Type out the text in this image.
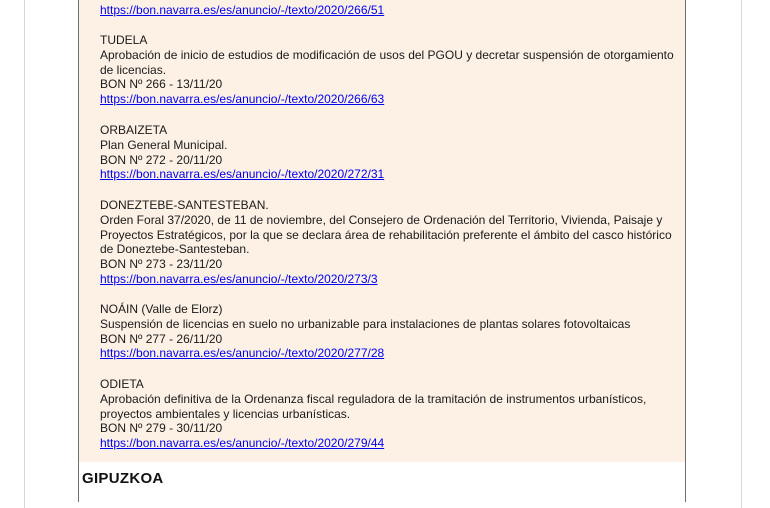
https://bon.navarra.es/es/anuncio/-/texto/2020/266/51
TUDELA
Aprobación de inicio de estudios de modificación de usos del PGOU y decretar suspensión de otorgamiento de licencias.
BON Nº 266 - 13/11/20
https://bon.navarra.es/es/anuncio/-/texto/2020/266/63
ORBAIZETA
Plan General Municipal.
BON Nº 272 - 20/11/20
https://bon.navarra.es/es/anuncio/-/texto/2020/272/31
DONEZTEBE-SANTESTEBAN.
Orden Foral 37/2020, de 11 de noviembre, del Consejero de Ordenación del Territorio, Vivienda, Paisaje y Proyectos Estratégicos, por la que se declara área de rehabilitación preferente el ámbito del casco histórico de Doneztebe-Santesteban.
BON Nº 273 - 23/11/20
https://bon.navarra.es/es/anuncio/-/texto/2020/273/3
NOÁIN (Valle de Elorz)
Suspensión de licencias en suelo no urbanizable para instalaciones de plantas solares fotovoltaicas
BON Nº 277 - 26/11/20
https://bon.navarra.es/es/anuncio/-/texto/2020/277/28
ODIETA
Aprobación definitiva de la Ordenanza fiscal reguladora de la tramitación de instrumentos urbanísticos, proyectos ambientales y licencias urbanísticas.
BON Nº 279 - 30/11/20
https://bon.navarra.es/es/anuncio/-/texto/2020/279/44
GIPUZKOA
